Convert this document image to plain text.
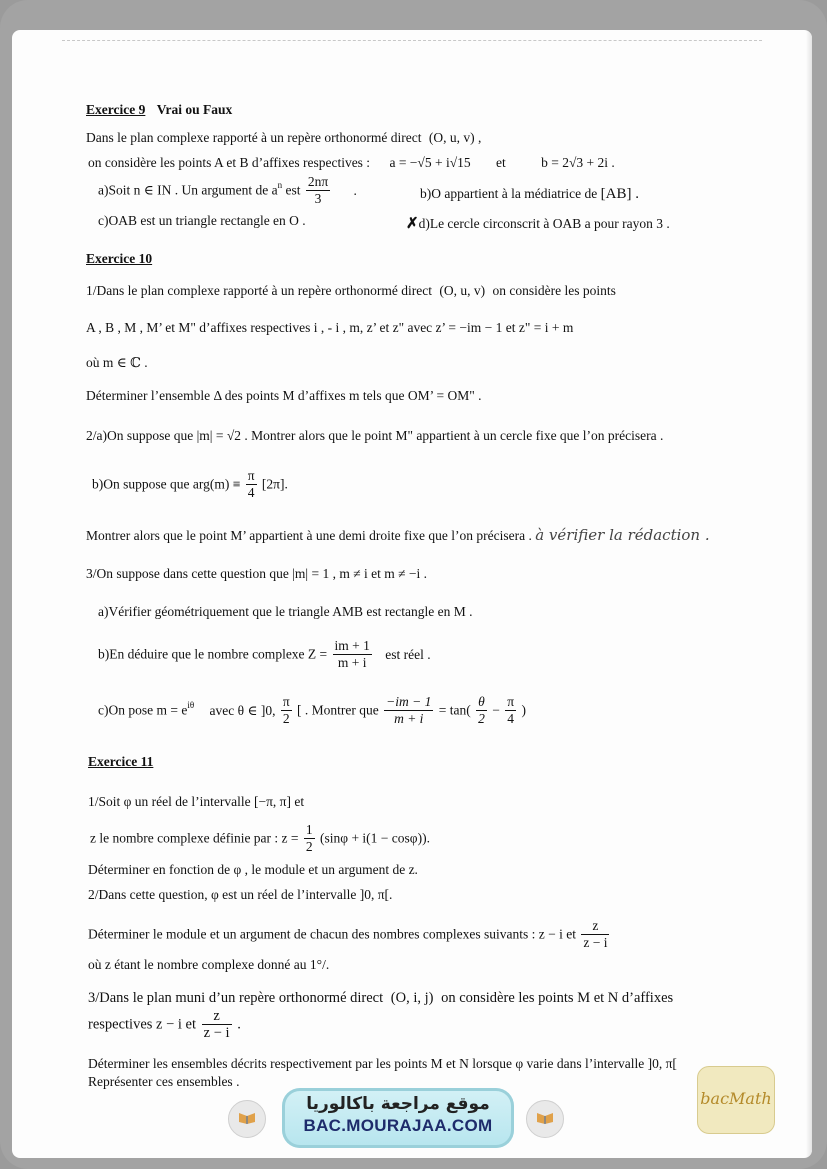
Exercice 9 Vrai ou Faux
Dans le plan complexe rapporté à un repère orthonormé direct (O, u, v) ,
on considère les points A et B d’affixes respectives : a = −√5 + i√15 et	b = 2√3 + 2i .
a)Soit n ∈ IN . Un argument de $a^n$ est $\frac{2n\pi}{3}$ .	b)O appartient à la médiatrice de [AB] .
c)OAB est un triangle rectangle en O .	✗d)Le cercle circonscrit à OAB a pour rayon 3 .
Exercice 10
1/Dans le plan complexe rapporté à un repère orthonormé direct (O, u, v) on considère les points
A , B , M , M’ et M" d’affixes respectives i , - i , m, z’ et z" avec z’ = −im − 1 et z" = i + m
où m ∈ ℂ .
Déterminer l’ensemble Δ des points M d’affixes m tels que OM’ = OM" .
2/a)On suppose que |m| = √2 . Montrer alors que le point M" appartient à un cercle fixe que l’on précisera .
b)On suppose que $arg(m) \equiv \frac{\pi}{4} [2\pi]$.
Montrer alors que le point M’ appartient à une demi droite fixe que l’on précisera . à vérifier la rédaction .
3/On suppose dans cette question que |m| = 1 , m ≠ i et m ≠ −i .
a)Vérifier géométriquement que le triangle AMB est rectangle en M .
b)En déduire que le nombre complexe $Z = \frac{im + 1}{m + i}$ est réel .
c)On pose $m = e^{i\theta}$ avec θ ∈ ]0, $\frac{\pi}{2}$ [ . Montrer que $\frac{-im - 1}{m + i} = \tan( \frac{\theta}{2} - \frac{\pi}{4}$ )
Exercice 11
1/Soit φ un réel de l’intervalle [−π, π] et
z le nombre complexe définie par : $z = \frac{1}{2} (\sin\varphi + i(1 - \cos\varphi))$.
Déterminer en fonction de φ , le module et un argument de z.
2/Dans cette question, φ est un réel de l’intervalle ]0, π[.
Déterminer le module et un argument de chacun des nombres complexes suivants : z − i et $\frac{z}{z - i}$
où z étant le nombre complexe donné au 1°/.
3/Dans le plan muni d’un repère orthonormé direct (O, i, j) on considère les points M et N d’affixes
respectives z − i et $\frac{z}{z - i}$ .
Déterminer les ensembles décrits respectivement par les points M et N lorsque φ varie dans l’intervalle ]0, π[
Représenter ces ensembles .
موقع مراجعة باكالوريا
BAC.MOURAJAA.COM
bacMath
